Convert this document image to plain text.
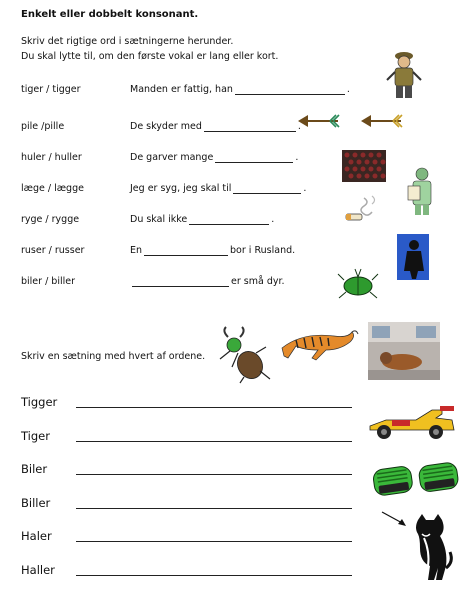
Enkelt eller dobbelt konsonant.
Skriv det rigtige ord i sætningerne herunder.
Du skal lytte til, om den første vokal er lang eller kort.
tiger / tigger	Manden er fattig, han	.
pile /pille	De skyder med	.
huler / huller	De garver mange	.
læge / lægge	Jeg er syg, jeg skal til	.
ryge / rygge	Du skal ikke	.
ruser / russer	En	bor i Rusland.
biler / biller	er små dyr.
Skriv en sætning med hvert af ordene.
Tigger
Tiger
Biler
Biller
Haler
Haller
